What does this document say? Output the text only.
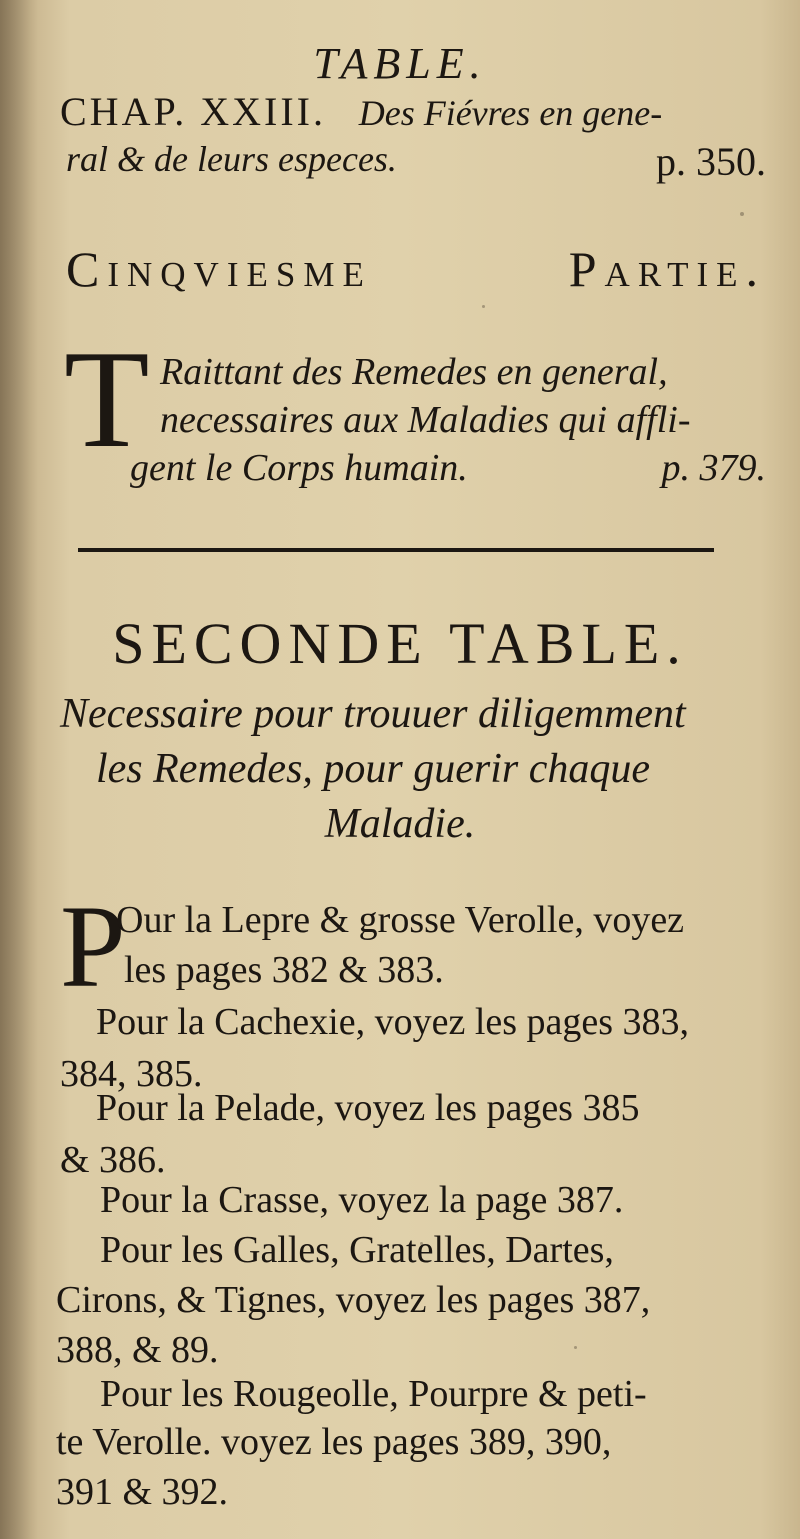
TABLE.
CHAP. XXIII. Des Fiévres en gene-
ral & de leurs especes.	p. 350.
Cinqviesme	Partie.
T Raittant des Remedes en general,
necessaires aux Maladies qui affli-
gent le Corps humain.	p. 379.
SECONDE TABLE.
Necessaire pour trouuer diligemment
les Remedes, pour guerir chaque
Maladie.
P
Our la Lepre & grosse Verolle, voyez
les pages 382 & 383.
Pour la Cachexie, voyez les pages 383,
384, 385.
Pour la Pelade, voyez les pages 385
& 386.
Pour la Crasse, voyez la page 387.
Pour les Galles, Gratelles, Dartes,
Cirons, & Tignes, voyez les pages 387,
388, & 89.
Pour les Rougeolle, Pourpre & peti-
te Verolle. voyez les pages 389, 390,
391 & 392.
